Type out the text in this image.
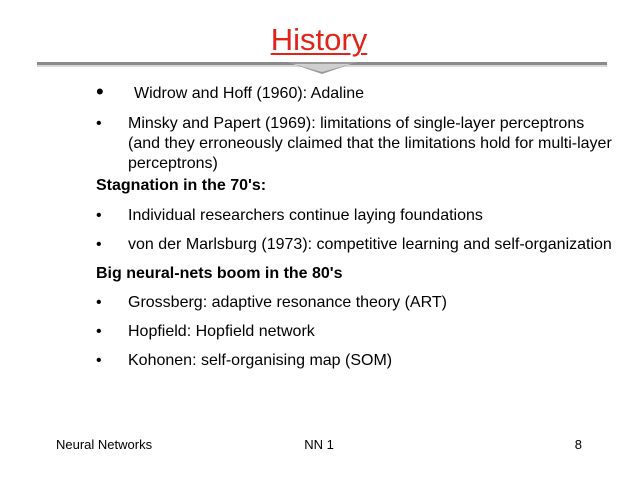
History
• Widrow and Hoff (1960): Adaline
• Minsky and Papert (1969): limitations of single-layer perceptrons (and they erroneously claimed that the limitations hold for multi-layer perceptrons)
Stagnation in the 70's:
• Individual researchers continue laying foundations
• von der Marlsburg (1973): competitive learning and self-organization
Big neural-nets boom in the 80's
• Grossberg: adaptive resonance theory (ART)
• Hopfield: Hopfield network
• Kohonen: self-organising map (SOM)
Neural Networks	NN 1	8
